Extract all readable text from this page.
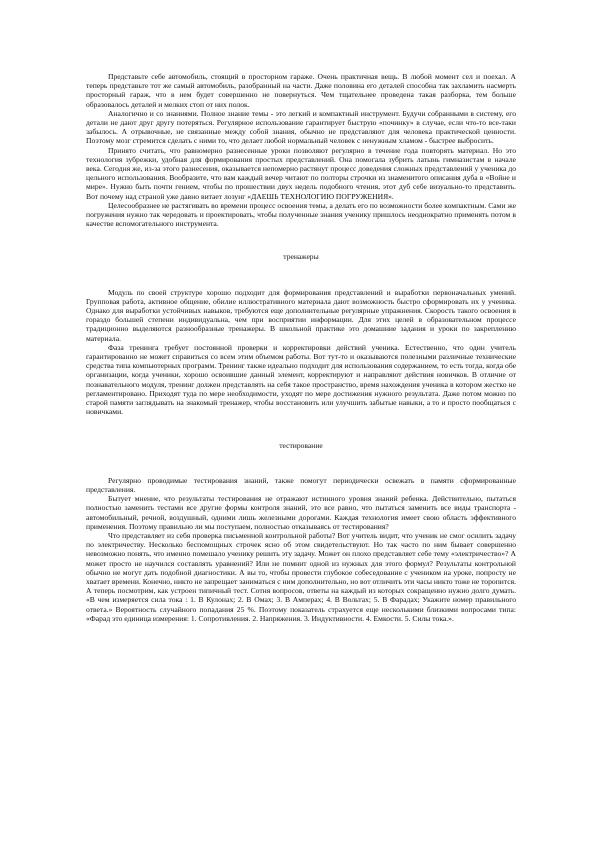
Представьте себе автомобиль, стоящий в просторном гараже. Очень практичная вещь. В любой момент сел и поехал. А теперь представьте тот же самый автомобиль, разобранный на части. Даже половина его деталей способна так захламить насмерть просторный гараж, что в нем будет совершенно не повернуться. Чем тщательнее проведена такая разборка, тем больше образовалось деталей и мелких стоп от них полок.

Аналогично и со знаниями. Полное знание темы - это легкий и компактный инструмент. Будучи собранными в систему, его детали не дают друг другу потеряться. Регулярное использование гарантирует быструю «починку» в случае, если что-то все-таки забылось. А отрывочные, не связанные между собой знания, обычно не представляют для человека практической ценности. Поэтому мозг стремится сделать с ними то, что делает любой нормальный человек с ненужным хламом - быстрее выбросить.

Принято считать, что равномерно разнесенные уроки позволяют регулярно в течение года повторять материал. Но это технология зубрежки, удобная для формирования простых представлений. Она помогала зубрить латынь гимназистам в начале века. Сегодня же, из-за этого разнесения, оказывается непомерно растянут процесс доведения сложных представлений у ученика до цельного использования. Вообразите, что вам каждый вечер читают по полторы строчки из знаменитого описания дуба в «Войне и мире». Нужно быть почти гением, чтобы по прошествии двух недель подобного чтения, этот дуб себе визуально-то представить. Вот почему над страной уже давно витает лозунг «ДАЕШЬ ТЕХНОЛОГИЮ ПОГРУЖЕНИЯ».

Целесообразнее не растягивать во времени процесс освоения темы, а делать его по возможности более компактным. Сами же погружения нужно так чередовать и проектировать, чтобы полученные знания ученику пришлось неоднократно применять потом в качестве вспомогательного инструмента.

тренажеры

Модуль по своей структуре хорошо подходит для формирования представлений и выработки первоначальных умений. Групповая работа, активное общение, обилие иллюстративного материала дают возможность быстро сформировать их у ученика. Однако для выработки устойчивых навыков, требуются еще дополнительные регулярные упражнения. Скорость такого освоения в гораздо большей степени индивидуальна, чем при восприятии информации. Для этих целей в образовательном процессе традиционно выделяются разнообразные тренажеры. В школьной практике это домашние задания и уроки по закреплению материала.

Фаза тренинга требует постоянной проверки и корректировки действий ученика. Естественно, что один учитель гарантированно не может справиться со всем этим объемом работы. Вот тут-то и оказываются полезными различные технические средства типа компьютерных программ. Тренинг также идеально подходит для использования содержанием, то есть тогда, когда обе организации, когда ученики, хорошо освоившие данный элемент, корректируют и направляют действия новичков. В отличие от познавательного модуля, тренинг должен представлять на себя такое пространство, время нахождения ученика в котором жестко не регламентировано. Приходят туда по мере необходимости, уходят по мере достижения нужного результата. Даже потом можно по старой памяти заглядывать на знакомый тренажер, чтобы восстановить или улучшить забытые навыки, а то и просто пообщаться с новичками.

тестирование

Регулярно проводимые тестирования знаний, также помогут периодически освежать в памяти сформированные представления.

Бытует мнение, что результаты тестирования не отражают истинного уровня знаний ребенка. Действительно, пытаться полностью заменить тестами все другие формы контроля знаний, это все равно, что пытаться заменить все виды транспорта - автомобильный, речной, воздушный, одними лишь железными дорогами. Каждая технология имеет свою область эффективного применения. Поэтому правильно ли мы поступаем, полностью отказываясь от тестирования?

Что представляет из себя проверка письменной контрольной работы? Вот учитель видит, что ученик не смог осилить задачу по электричеству. Несколько беспомощных строчек ясно об этом свидетельствуют. Но так часто по ним бывает совершенно невозможно понять, что именно помешало ученику решить эту задачу. Может он плохо представляет себе тему «электричество»? А может просто не научился составлять уравнений? Или не помнит одной из нужных для этого формул? Результаты контрольной обычно не могут дать подобной диагностики. А вы то, чтобы провести глубокое собеседование с учеником на уроке, попросту не хватает времени. Конечно, никто не запрещает заниматься с ним дополнительно, но вот отличить эти часы никто тоже не торопится. А теперь посмотрим, как устроен типичный тест. Сотня вопросов, ответы на каждый из которых сокращенно нужно долго думать. «В чем измеряется сила тока : 1. В Кулонах; 2. В Омах; 3. В Амперах; 4. В Вольтах; 5. В Фарадах; Укажите номер правильного ответа.» Вероятность случайного попадания 25 %. Поэтому показатель страхуется еще несколькими близкими вопросами типа: «Фарад это единица измерения: 1. Сопротивления. 2. Напряжения. 3. Индуктивности. 4. Емкости. 5. Силы тока.».
